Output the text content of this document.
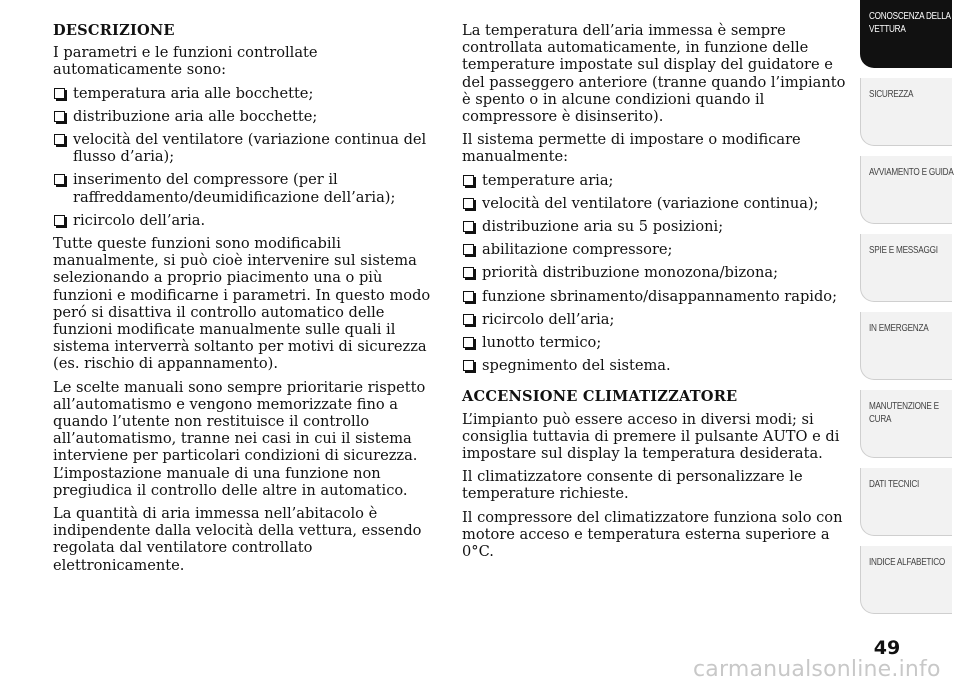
DESCRIZIONE

I parametri e le funzioni controllate automaticamente sono:

temperatura aria alle bocchette;
distribuzione aria alle bocchette;
velocità del ventilatore (variazione continua del flusso d’aria);
inserimento del compressore (per il raffreddamento/deumidificazione dell’aria);
ricircolo dell’aria.

Tutte queste funzioni sono modificabili manualmente, si può cioè intervenire sul sistema selezionando a proprio piacimento una o più funzioni e modificarne i parametri. In questo modo peró si disattiva il controllo automatico delle funzioni modificate manualmente sulle quali il sistema interverrà soltanto per motivi di sicurezza (es. rischio di appannamento).

Le scelte manuali sono sempre prioritarie rispetto all’automatismo e vengono memorizzate fino a quando l’utente non restituisce il controllo all’automatismo, tranne nei casi in cui il sistema interviene per particolari condizioni di sicurezza. L’impostazione manuale di una funzione non pregiudica il controllo delle altre in automatico.

La quantità di aria immessa nell’abitacolo è indipendente dalla velocità della vettura, essendo regolata dal ventilatore controllato elettronicamente.

La temperatura dell’aria immessa è sempre controllata automaticamente, in funzione delle temperature impostate sul display del guidatore e del passeggero anteriore (tranne quando l’impianto è spento o in alcune condizioni quando il compressore è disinserito).

Il sistema permette di impostare o modificare manualmente:

temperature aria;
velocità del ventilatore (variazione continua);
distribuzione aria su 5 posizioni;
abilitazione compressore;
priorità distribuzione monozona/bizona;
funzione sbrinamento/disappannamento rapido;
ricircolo dell’aria;
lunotto termico;
spegnimento del sistema.
ACCENSIONE CLIMATIZZATORE

L’impianto può essere acceso in diversi modi; si consiglia tuttavia di premere il pulsante AUTO e di impostare sul display la temperatura desiderata.

Il climatizzatore consente di personalizzare le temperature richieste.

Il compressore del climatizzatore funziona solo con motore acceso e temperatura esterna superiore a 0°C.

CONOSCENZA DELLA VETTURA
SICUREZZA
AVVIAMENTO E GUIDA
SPIE E MESSAGGI
IN EMERGENZA
MANUTENZIONE E CURA
DATI TECNICI
INDICE ALFABETICO
49
carmanualsonline.info
